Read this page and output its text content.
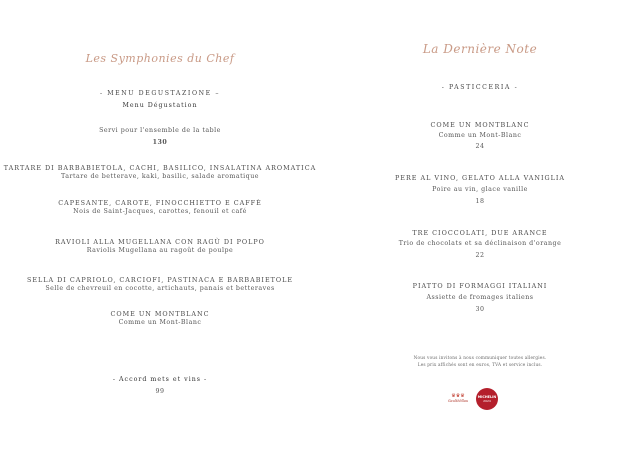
Les Symphonies du Chef
- MENU DEGUSTAZIONE –
Menu Dégustation
Servi pour l'ensemble de la table
130
TARTARE DI BARBABIETOLA, CACHI, BASILICO, INSALATINA AROMATICA
Tartare de betterave, kaki, basilic, salade aromatique
CAPESANTE, CAROTE, FINOCCHIETTO E CAFFÈ
Nois de Saint-Jacques, carottes, fenouil et café
RAVIOLI ALLA MUGELLANA CON RAGÙ DI POLPO
Raviolis Mugellana au ragoût de poulpe
SELLA DI CAPRIOLO, CARCIOFI, PASTINACA E BARBABIETOLE
Selle de chevreuil en cocotte, artichauts, panais et betteraves
COME UN MONTBLANC
Comme un Mont-Blanc
- Accord mets et vins -
99
La Dernière Note
- PASTICCERIA -
COME UN MONTBLANC
Comme un Mont-Blanc
24
PERE AL VINO, GELATO ALLA VANIGLIA
Poire au vin, glace vanille
18
TRE CIOCCOLATI, DUE ARANCE
Trio de chocolats et sa déclinaison d'orange
22
PIATTO DI FORMAGGI ITALIANI
Assiette de fromages italiens
30
Nous vous invitons à nous communiquer toutes allergies.
Les prix affichés sont en euros, TVA et service inclus.
♛♛♛
GaultMillau
MICHELIN
2024
